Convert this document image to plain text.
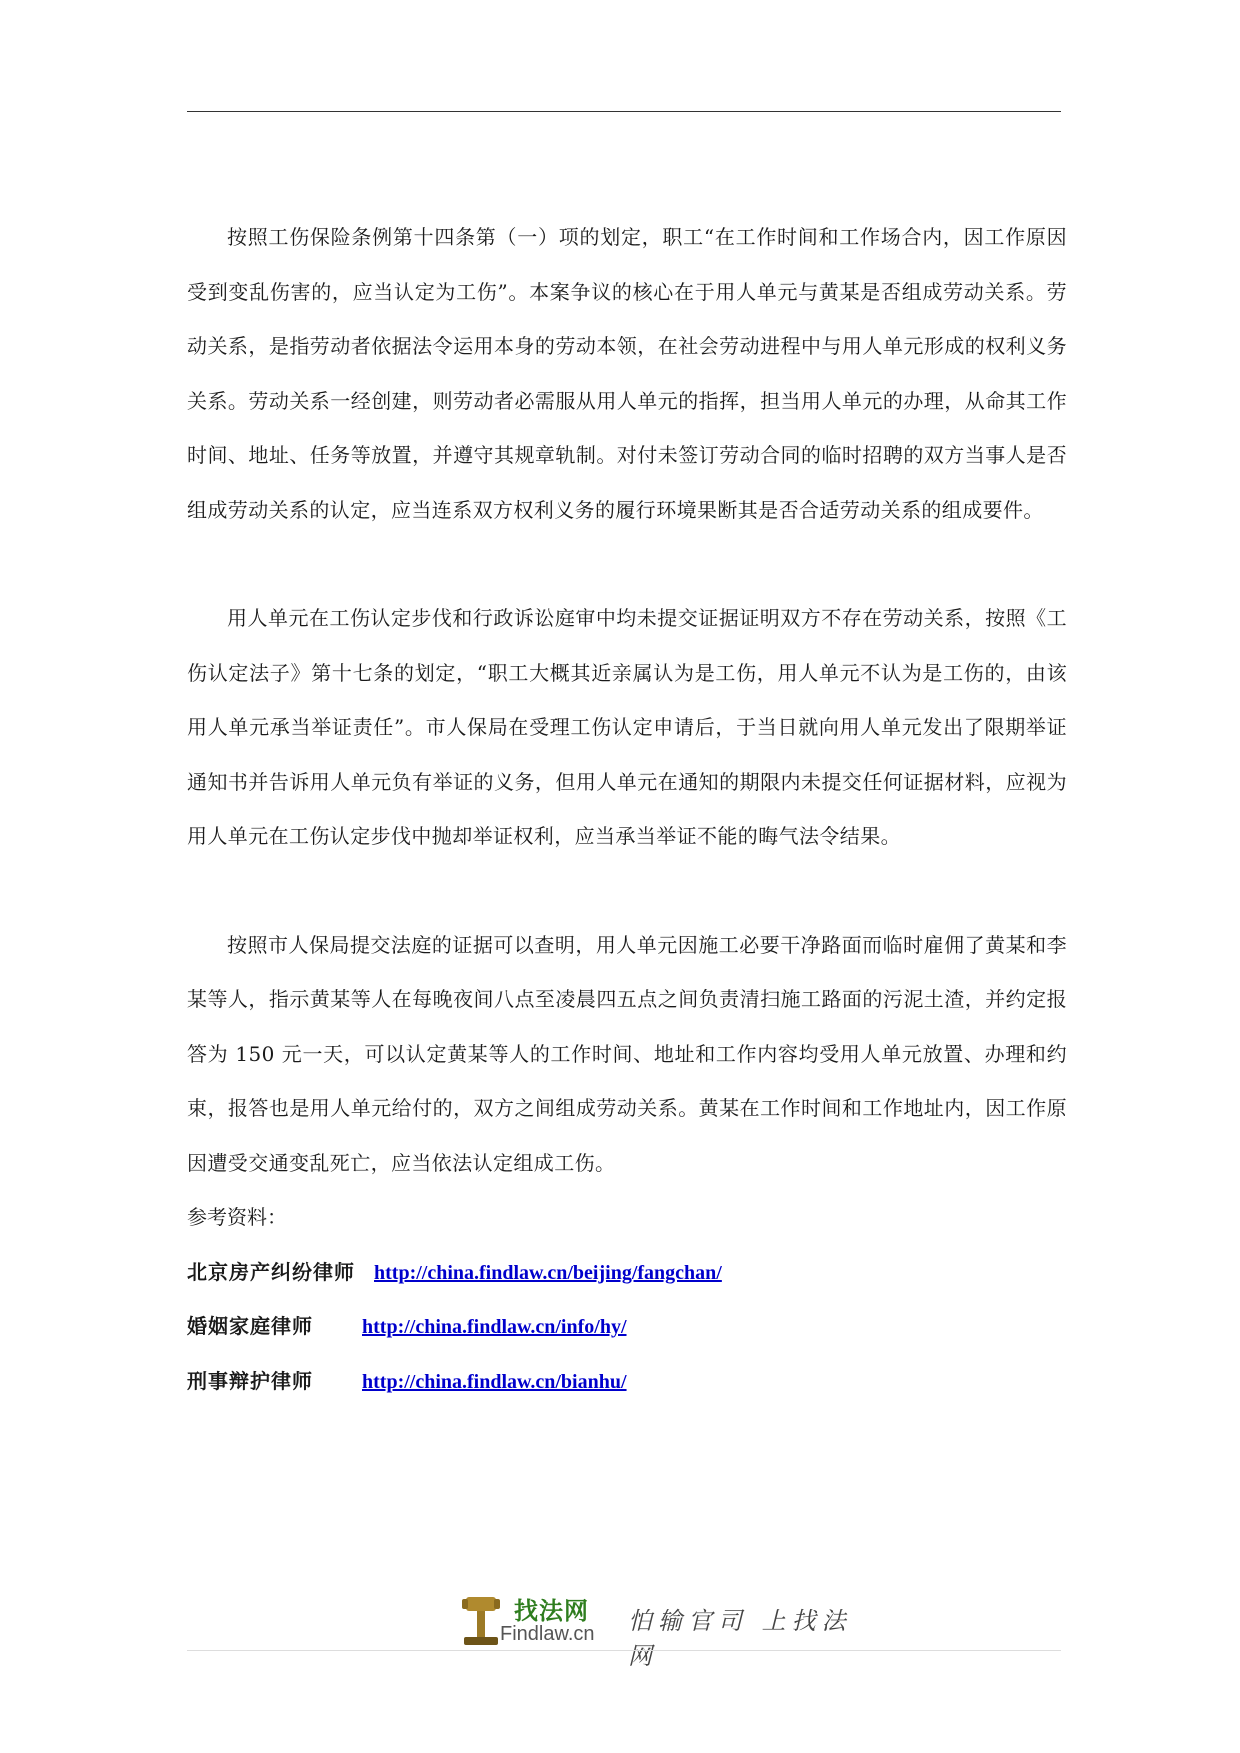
按照工伤保险条例第十四条第（一）项的划定，职工“在工作时间和工作场合内，因工作原因受到变乱伤害的，应当认定为工伤”。本案争议的核心在于用人单元与黄某是否组成劳动关系。劳动关系，是指劳动者依据法令运用本身的劳动本领，在社会劳动进程中与用人单元形成的权利义务关系。劳动关系一经创建，则劳动者必需服从用人单元的指挥，担当用人单元的办理，从命其工作时间、地址、任务等放置，并遵守其规章轨制。对付未签订劳动合同的临时招聘的双方当事人是否组成劳动关系的认定，应当连系双方权利义务的履行环境果断其是否合适劳动关系的组成要件。

用人单元在工伤认定步伐和行政诉讼庭审中均未提交证据证明双方不存在劳动关系，按照《工伤认定法子》第十七条的划定，“职工大概其近亲属认为是工伤，用人单元不认为是工伤的，由该用人单元承当举证责任”。市人保局在受理工伤认定申请后，于当日就向用人单元发出了限期举证通知书并告诉用人单元负有举证的义务，但用人单元在通知的期限内未提交任何证据材料，应视为用人单元在工伤认定步伐中抛却举证权利，应当承当举证不能的晦气法令结果。

按照市人保局提交法庭的证据可以查明，用人单元因施工必要干净路面而临时雇佣了黄某和李某等人，指示黄某等人在每晚夜间八点至凌晨四五点之间负责清扫施工路面的污泥土渣，并约定报答为 150 元一天，可以认定黄某等人的工作时间、地址和工作内容均受用人单元放置、办理和约束，报答也是用人单元给付的，双方之间组成劳动关系。黄某在工作时间和工作地址内，因工作原因遭受交通变乱死亡，应当依法认定组成工伤。

参考资料：

北京房产纠纷律师 http://china.findlaw.cn/beijing/fangchan/
婚姻家庭律师	http://china.findlaw.cn/info/hy/
刑事辩护律师	http://china.findlaw.cn/bianhu/
找法网
Findlaw.cn 怕输官司 上找法网
